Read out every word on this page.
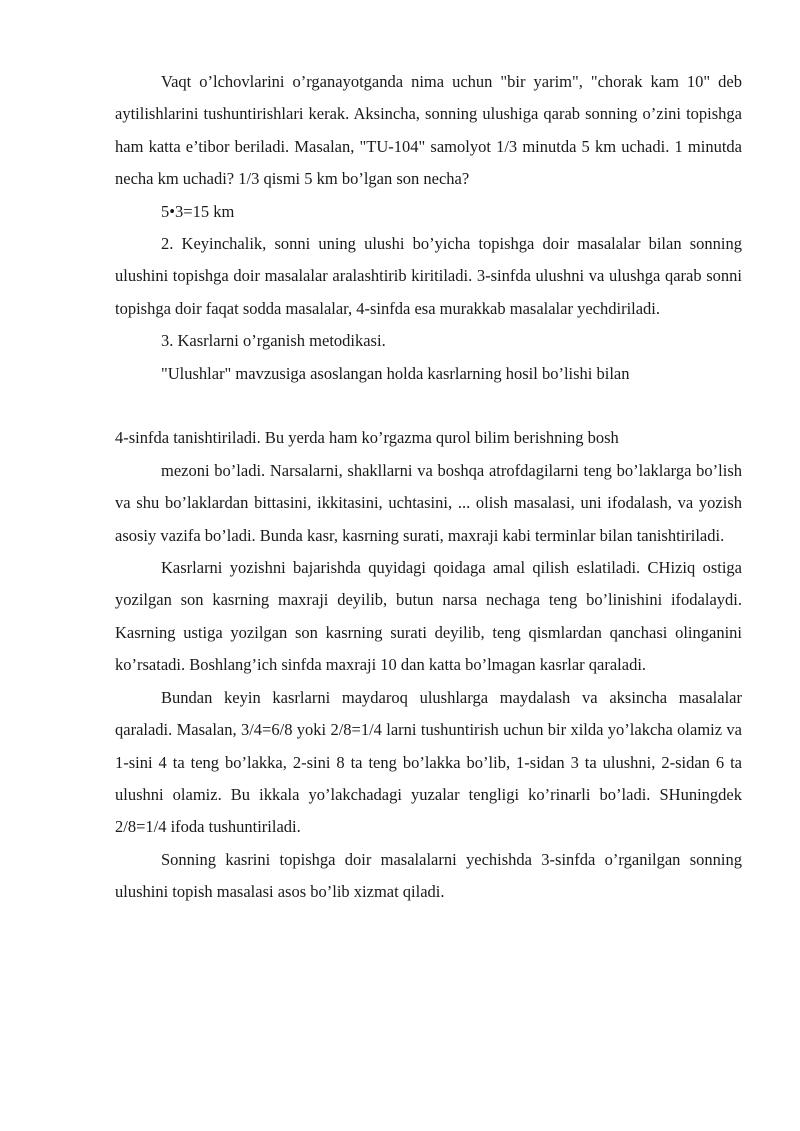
Vaqt o’lchovlarini o’rganayotganda nima uchun "bir yarim", "chorak kam 10" deb aytilishlarini tushuntirishlari kerak. Aksincha, sonning ulushiga qarab sonning o’zini topishga ham katta e’tibor beriladi. Masalan, "TU-104" samolyot 1/3 minutda 5 km uchadi. 1 minutda necha km uchadi? 1/3 qismi 5 km bo’lgan son necha?

5•3=15 km

2. Keyinchalik, sonni uning ulushi bo’yicha topishga doir masalalar bilan sonning ulushini topishga doir masalalar aralashtirib kiritiladi. 3-sinfda ulushni va ulushga qarab sonni topishga doir faqat sodda masalalar, 4-sinfda esa murakkab masalalar yechdiriladi.

3. Kasrlarni o’rganish metodikasi.

"Ulushlar" mavzusiga asoslangan holda kasrlarning hosil bo’lishi bilan

4-sinfda tanishtiriladi. Bu yerda ham ko’rgazma qurol bilim berishning bosh

mezoni bo’ladi. Narsalarni, shakllarni va boshqa atrofdagilarni teng bo’laklarga bo’lish va shu bo’laklardan bittasini, ikkitasini, uchtasini, ... olish masalasi, uni ifodalash, va yozish asosiy vazifa bo’ladi. Bunda kasr, kasrning surati, maxraji kabi terminlar bilan tanishtiriladi.

Kasrlarni yozishni bajarishda quyidagi qoidaga amal qilish eslatiladi. CHiziq ostiga yozilgan son kasrning maxraji deyilib, butun narsa nechaga teng bo’linishini ifodalaydi. Kasrning ustiga yozilgan son kasrning surati deyilib, teng qismlardan qanchasi olinganini ko’rsatadi. Boshlang’ich sinfda maxraji 10 dan katta bo’lmagan kasrlar qaraladi.

Bundan keyin kasrlarni maydaroq ulushlarga maydalash va aksincha masalalar qaraladi. Masalan, 3/4=6/8 yoki 2/8=1/4 larni tushuntirish uchun bir xilda yo’lakcha olamiz va 1-sini 4 ta teng bo’lakka, 2-sini 8 ta teng bo’lakka bo’lib, 1-sidan 3 ta ulushni, 2-sidan 6 ta ulushni olamiz. Bu ikkala yo’lakchadagi yuzalar tengligi ko’rinarli bo’ladi. SHuningdek 2/8=1/4 ifoda tushuntiriladi.

Sonning kasrini topishga doir masalalarni yechishda 3-sinfda o’rganilgan sonning ulushini topish masalasi asos bo’lib xizmat qiladi.
